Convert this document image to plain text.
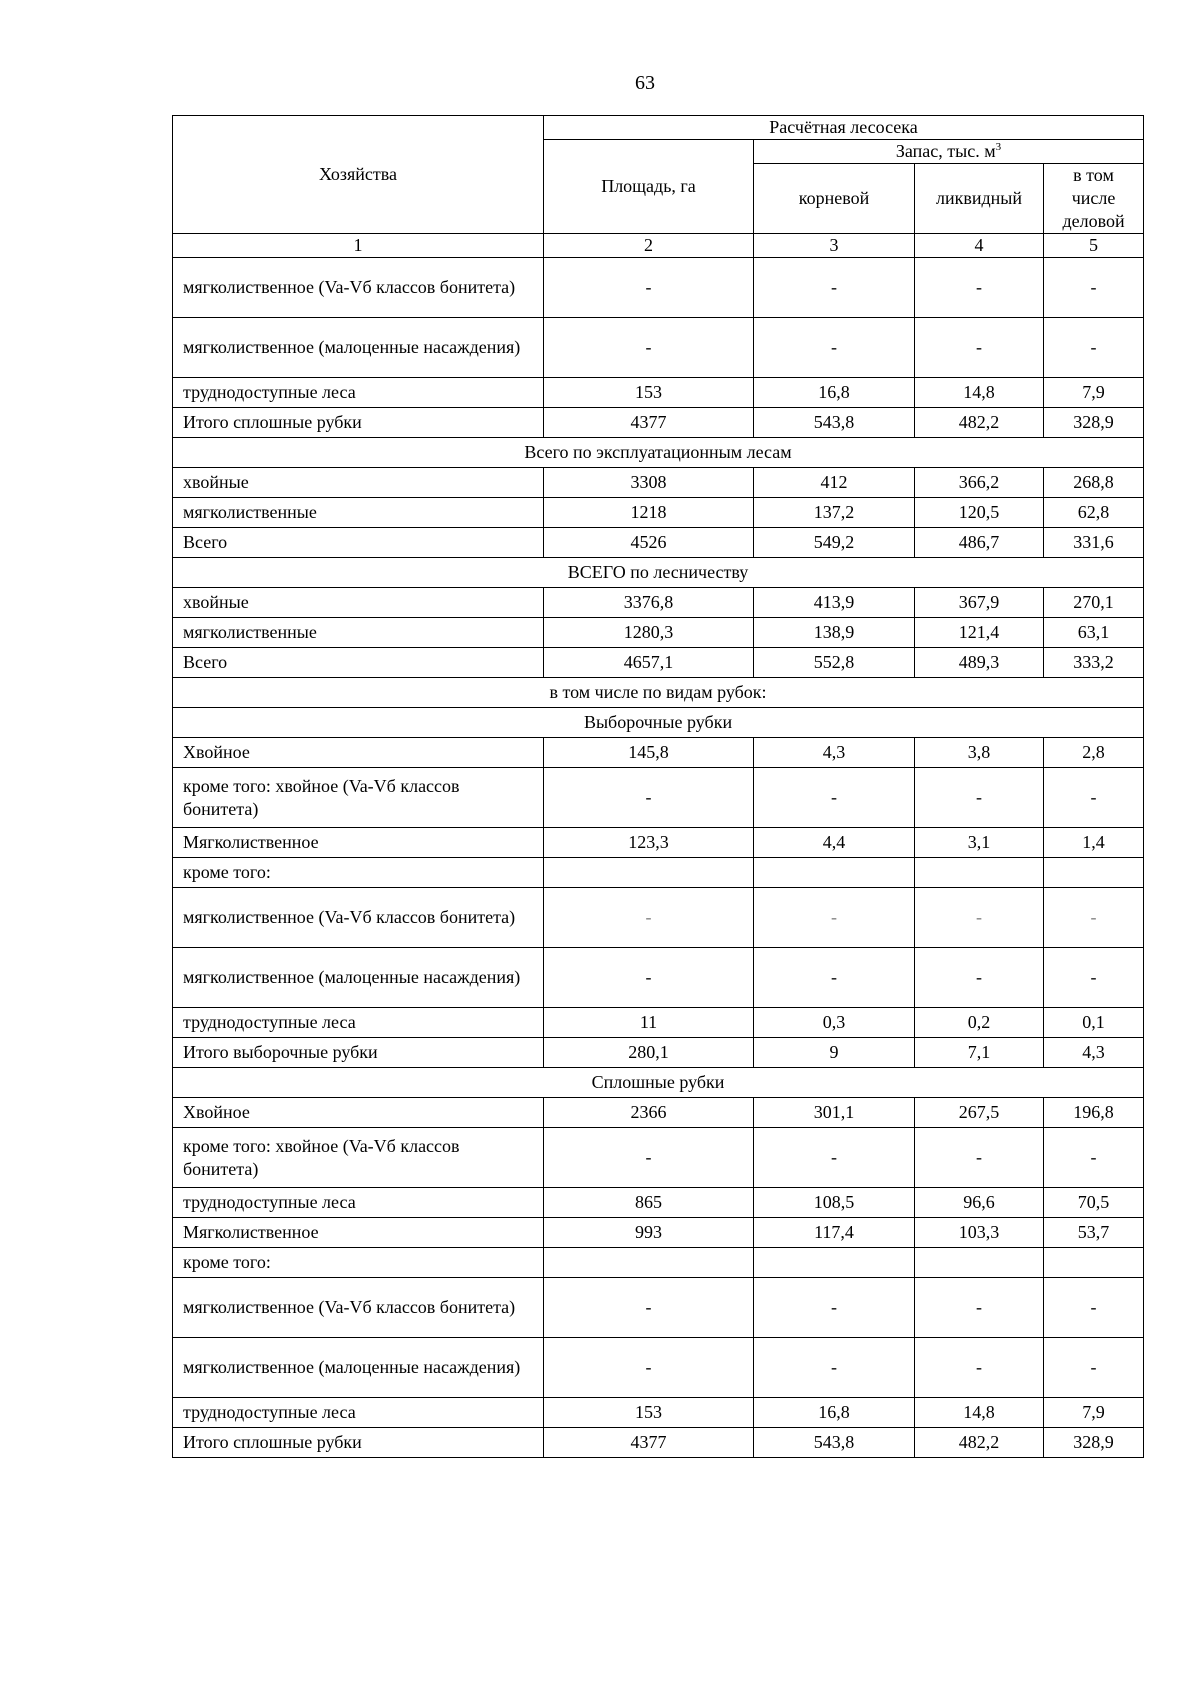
63
Хозяйства	Расчётная лесосека			
	Площадь, га	Запас, тыс. $м^3$
		корневой	ликвидный	в том числе деловой
1	2	3	4	5
мягколиственное (Va-Vб классов бонитета)	-	-	-	-
мягколиственное (малоценные насаждения)	-	-	-	-
труднодоступные леса	153	16,8	14,8	7,9
Итого сплошные рубки	4377	543,8	482,2	328,9
Всего по эксплуатационным лесам				
хвойные	3308	412	366,2	268,8
мягколиственные	1218	137,2	120,5	62,8
Всего	4526	549,2	486,7	331,6
ВСЕГО по лесничеству				
хвойные	3376,8	413,9	367,9	270,1
мягколиственные	1280,3	138,9	121,4	63,1
Всего	4657,1	552,8	489,3	333,2
в том числе по видам рубок:				
Выборочные рубки				
Хвойное	145,8	4,3	3,8	2,8
кроме того: хвойное (Va-Vб классов бонитета)	-	-	-	-
Мягколиственное	123,3	4,4	3,1	1,4
кроме того:				
мягколиственное (Va-Vб классов бонитета)	-	-	-	-
мягколиственное (малоценные насаждения)	-	-	-	-
труднодоступные леса	11	0,3	0,2	0,1
Итого выборочные рубки	280,1	9	7,1	4,3
Сплошные рубки				
Хвойное	2366	301,1	267,5	196,8
кроме того: хвойное (Va-Vб классов бонитета)	-	-	-	-
труднодоступные леса	865	108,5	96,6	70,5
Мягколиственное	993	117,4	103,3	53,7
кроме того:				
мягколиственное (Va-Vб классов бонитета)	-	-	-	-
мягколиственное (малоценные насаждения)	-	-	-	-
труднодоступные леса	153	16,8	14,8	7,9
Итого сплошные рубки	4377	543,8	482,2	328,9
